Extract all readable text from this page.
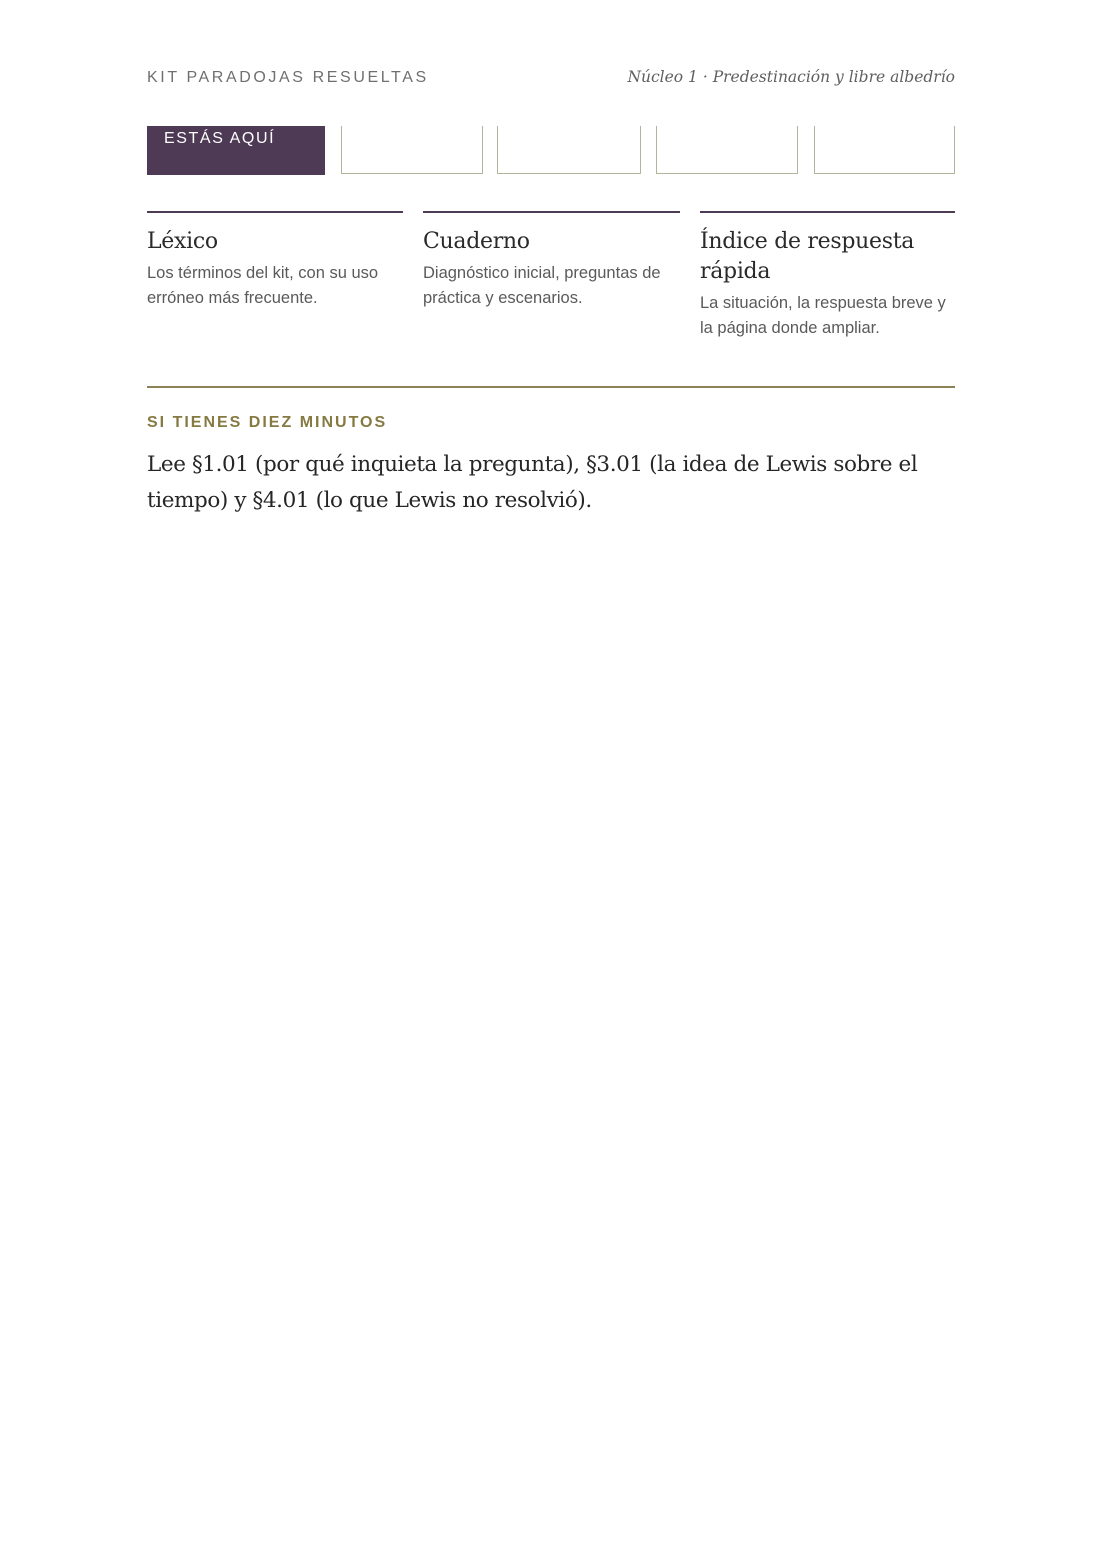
KIT PARADOJAS RESUELTAS	Núcleo 1 · Predestinación y libre albedrío
ESTÁS AQUÍ
Léxico
Los términos del kit, con su uso erróneo más frecuente.
Cuaderno
Diagnóstico inicial, preguntas de práctica y escenarios.
Índice de respuesta rápida
La situación, la respuesta breve y la página donde ampliar.
SI TIENES DIEZ MINUTOS

Lee §1.01 (por qué inquieta la pregunta), §3.01 (la idea de Lewis sobre el tiempo) y §4.01 (lo que Lewis no resolvió).
